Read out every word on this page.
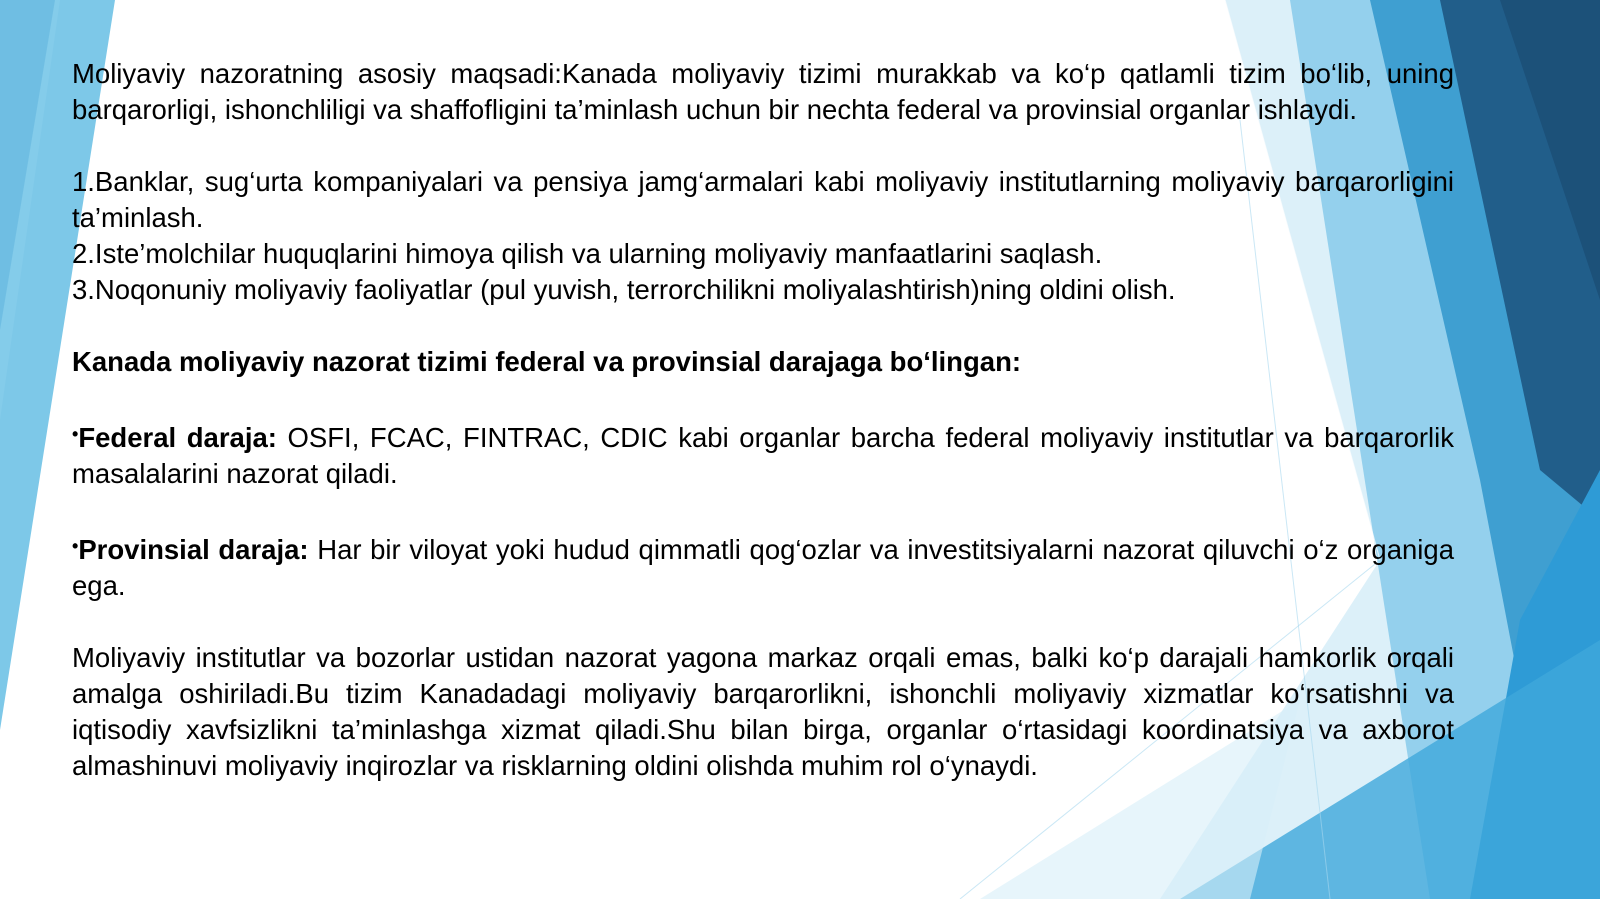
Moliyaviy nazoratning asosiy maqsadi:Kanada moliyaviy tizimi murakkab va ko‘p qatlamli tizim bo‘lib, uning barqarorligi, ishonchliligi va shaffofligini ta’minlash uchun bir nechta federal va provinsial organlar ishlaydi.

1.Banklar, sug‘urta kompaniyalari va pensiya jamg‘armalari kabi moliyaviy institutlarning moliyaviy barqarorligini ta’minlash.

2.Iste’molchilar huquqlarini himoya qilish va ularning moliyaviy manfaatlarini saqlash.

3.Noqonuniy moliyaviy faoliyatlar (pul yuvish, terrorchilikni moliyalashtirish)ning oldini olish.

Kanada moliyaviy nazorat tizimi federal va provinsial darajaga bo‘lingan:

•Federal daraja: OSFI, FCAC, FINTRAC, CDIC kabi organlar barcha federal moliyaviy institutlar va barqarorlik masalalarini nazorat qiladi.

•Provinsial daraja: Har bir viloyat yoki hudud qimmatli qog‘ozlar va investitsiyalarni nazorat qiluvchi o‘z organiga ega.

Moliyaviy institutlar va bozorlar ustidan nazorat yagona markaz orqali emas, balki ko‘p darajali hamkorlik orqali amalga oshiriladi.Bu tizim Kanadadagi moliyaviy barqarorlikni, ishonchli moliyaviy xizmatlar ko‘rsatishni va iqtisodiy xavfsizlikni ta’minlashga xizmat qiladi.Shu bilan birga, organlar o‘rtasidagi koordinatsiya va axborot almashinuvi moliyaviy inqirozlar va risklarning oldini olishda muhim rol o‘ynaydi.
